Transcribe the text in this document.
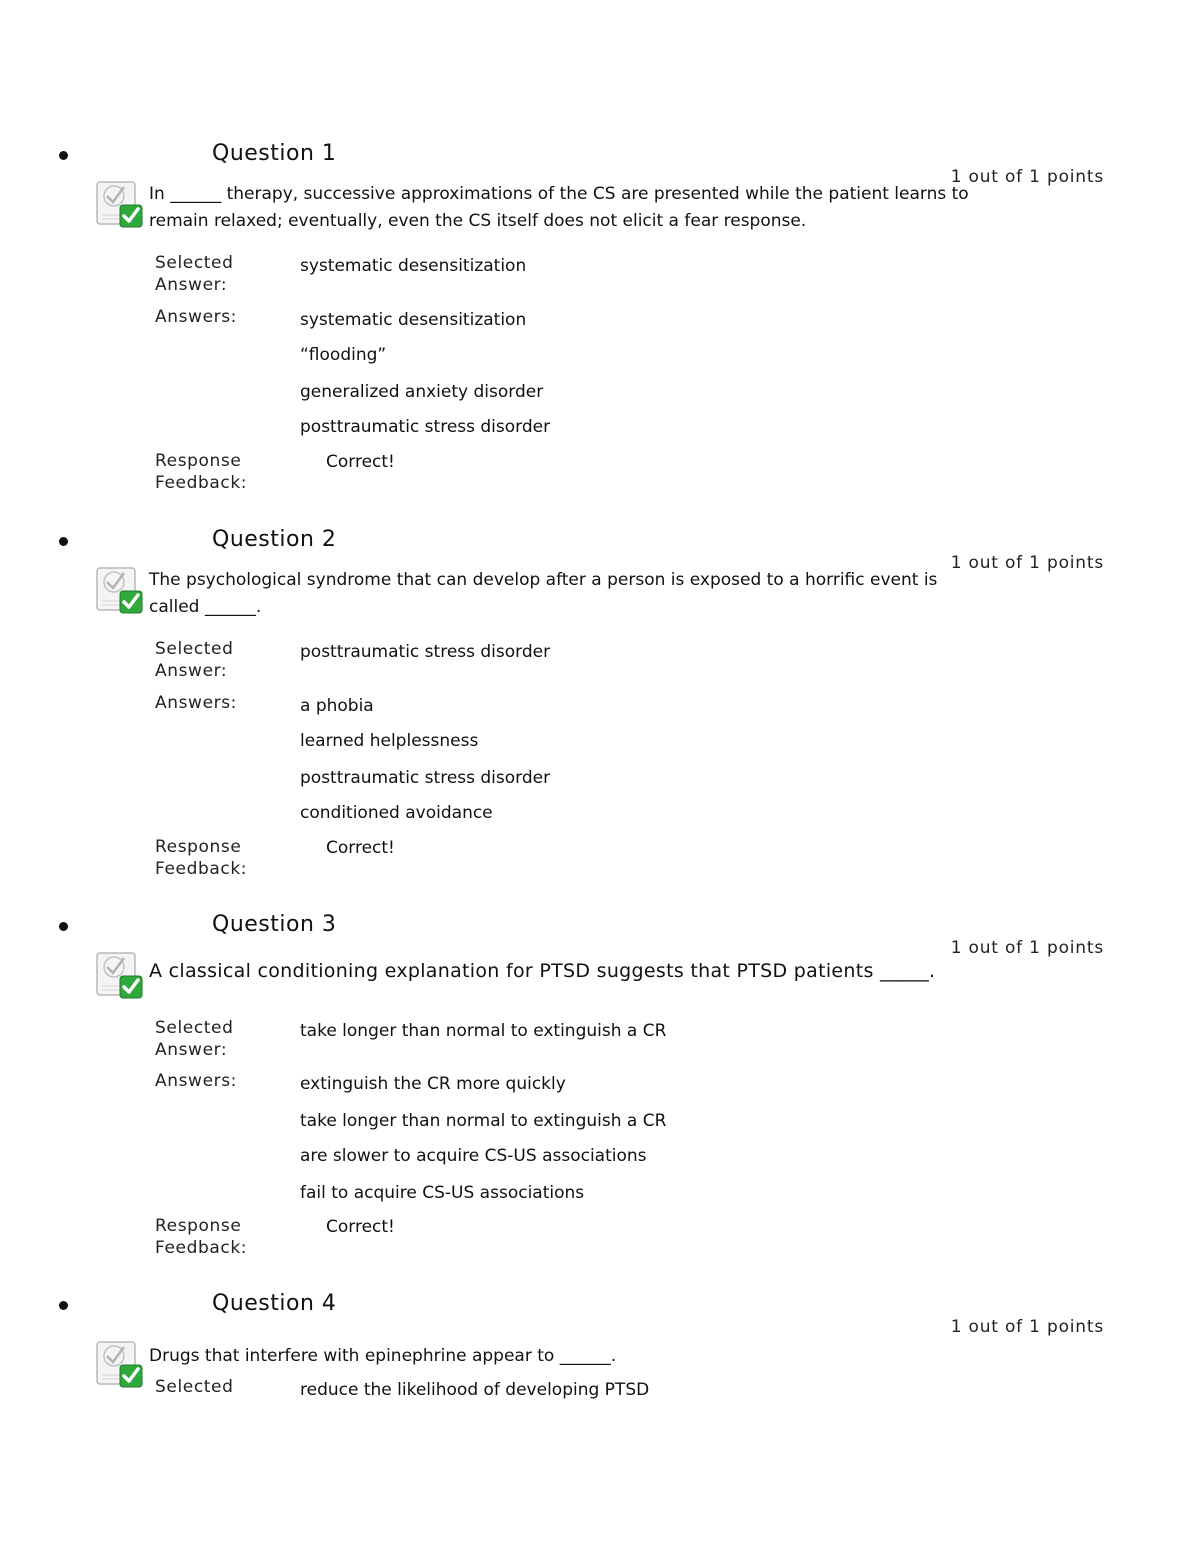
Question 1
1 out of 1 points
In ______ therapy, successive approximations of the CS are presented while the patient learns to remain relaxed; eventually, even the CS itself does not elicit a fear response.
Selected Answer:
systematic desensitization
Answers:	systematic desensitization
“flooding”
generalized anxiety disorder
posttraumatic stress disorder
Response Feedback:
Correct!
Question 2
1 out of 1 points
The psychological syndrome that can develop after a person is exposed to a horrific event is called ______.
Selected Answer:
posttraumatic stress disorder
Answers:	a phobia
learned helplessness
posttraumatic stress disorder
conditioned avoidance
Response Feedback:
Correct!
Question 3
1 out of 1 points
A classical conditioning explanation for PTSD suggests that PTSD patients _____.
Selected Answer:
take longer than normal to extinguish a CR
Answers:	extinguish the CR more quickly
take longer than normal to extinguish a CR
are slower to acquire CS-US associations
fail to acquire CS-US associations
Response Feedback:
Correct!
Question 4
1 out of 1 points
Drugs that interfere with epinephrine appear to ______.
Selected	reduce the likelihood of developing PTSD
